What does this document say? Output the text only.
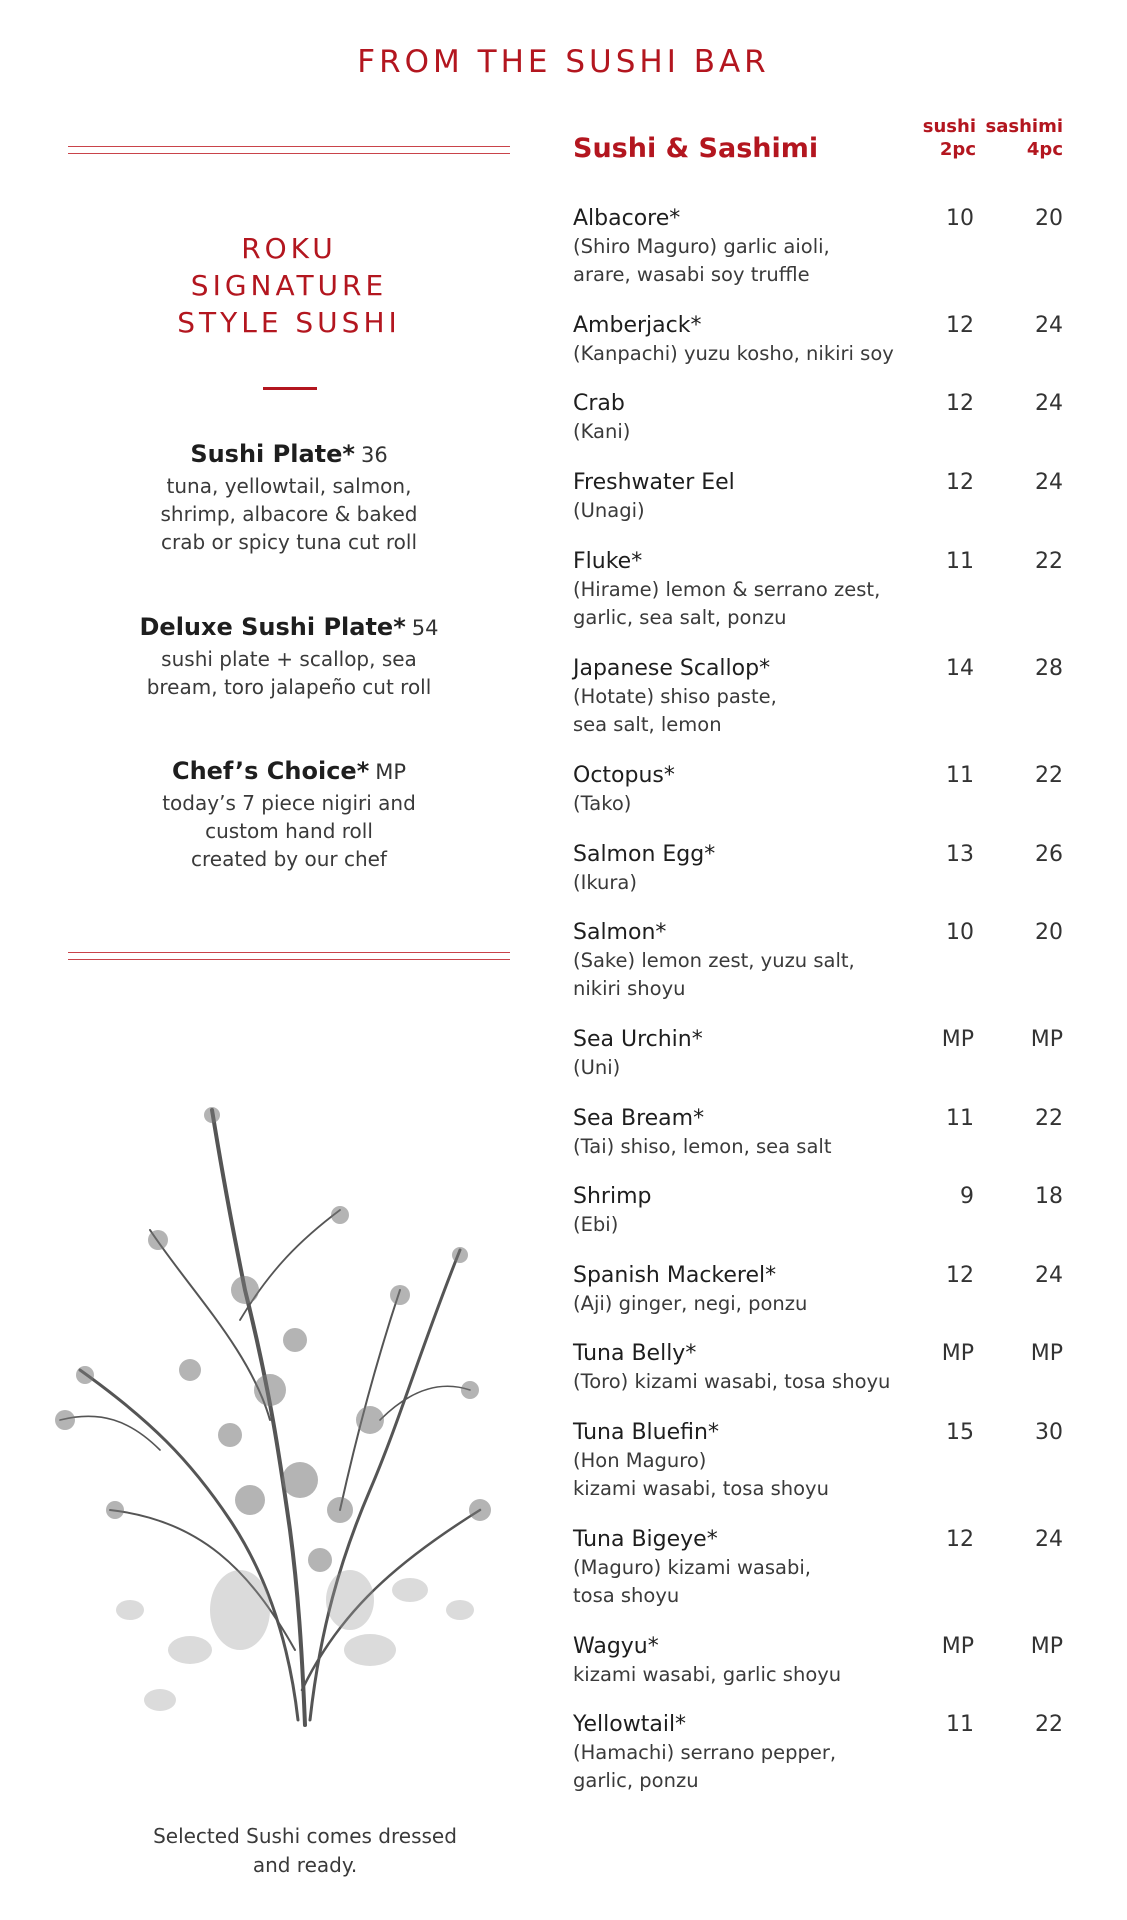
FROM THE SUSHI BAR
ROKU
SIGNATURE
STYLE SUSHI
Sushi Plate* 36
tuna, yellowtail, salmon,
shrimp, albacore & baked
crab or spicy tuna cut roll
Deluxe Sushi Plate* 54
sushi plate + scallop, sea
bream, toro jalapeño cut roll
Chef’s Choice* MP
today’s 7 piece nigiri and
custom hand roll
created by our chef
Selected Sushi comes dressed
and ready.
Sushi & Sashimi
sushi
2pc
sashimi
4pc
Albacore*
(Shiro Maguro) garlic aioli,
arare, wasabi soy truffle
10	20
Amberjack*
(Kanpachi) yuzu kosho, nikiri soy
12	24
Crab
(Kani)
12	24
Freshwater Eel
(Unagi)
12	24
Fluke*
(Hirame) lemon & serrano zest,
garlic, sea salt, ponzu
11	22
Japanese Scallop*
(Hotate) shiso paste,
sea salt, lemon
14	28
Octopus*
(Tako)
11	22
Salmon Egg*
(Ikura)
13	26
Salmon*
(Sake) lemon zest, yuzu salt,
nikiri shoyu
10	20
Sea Urchin*
(Uni)
MP	MP
Sea Bream*
(Tai) shiso, lemon, sea salt
11	22
Shrimp
(Ebi)
9	18
Spanish Mackerel*
(Aji) ginger, negi, ponzu
12	24
Tuna Belly*
(Toro) kizami wasabi, tosa shoyu
MP	MP
Tuna Bluefin*
(Hon Maguro)
kizami wasabi, tosa shoyu
15	30
Tuna Bigeye*
(Maguro) kizami wasabi,
tosa shoyu
12	24
Wagyu*
kizami wasabi, garlic shoyu
MP	MP
Yellowtail*
(Hamachi) serrano pepper,
garlic, ponzu
11	22
